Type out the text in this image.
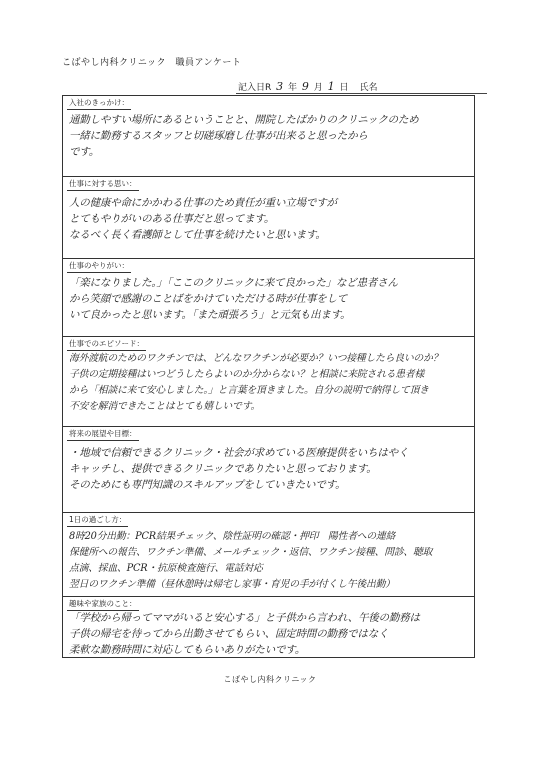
こばやし内科クリニック　職員アンケート
記入日R 3 年 9 月 1 日 氏名
入社のきっかけ：
通勤しやすい場所にあるということと、開院したばかりのクリニックのため
一緒に勤務するスタッフと切磋琢磨し仕事が出来ると思ったから
です。
仕事に対する思い：
人の健康や命にかかわる仕事のため責任が重い立場ですが
とてもやりがいのある仕事だと思ってます。
なるべく長く看護師として仕事を続けたいと思います。
仕事のやりがい：
「楽になりました。」「ここのクリニックに来て良かった」など患者さん
から笑顔で感謝のことばをかけていただける時が仕事をして
いて良かったと思います。「また頑張ろう」と元気も出ます。
仕事でのエピソード：
海外渡航のためのワクチンでは、どんなワクチンが必要か？いつ接種したら良いのか？
子供の定期接種はいつどうしたらよいのか分からない？と相談に来院される患者様
から「相談に来て安心しました。」と言葉を頂きました。自分の説明で納得して頂き
不安を解消できたことはとても嬉しいです。
将来の展望や目標：
・地域で信頼できるクリニック・社会が求めている医療提供をいちはやく
キャッチし、提供できるクリニックでありたいと思っております。
そのためにも専門知識のスキルアップをしていきたいです。
1日の過ごし方：
8時20分出勤：PCR結果チェック、陰性証明の確認・押印　陽性者への連絡
保健所への報告、ワクチン準備、メールチェック・返信、ワクチン接種、問診、聴取
点滴、採血、PCR・抗原検査施行、電話対応
翌日のワクチン準備（昼休憩時は帰宅し家事・育児の手が付くし午後出勤）
趣味や家族のこと：
「学校から帰ってママがいると安心する」と子供から言われ、午後の勤務は
子供の帰宅を待ってから出勤させてもらい、固定時間の勤務ではなく
柔軟な勤務時間に対応してもらいありがたいです。
こばやし内科クリニック
